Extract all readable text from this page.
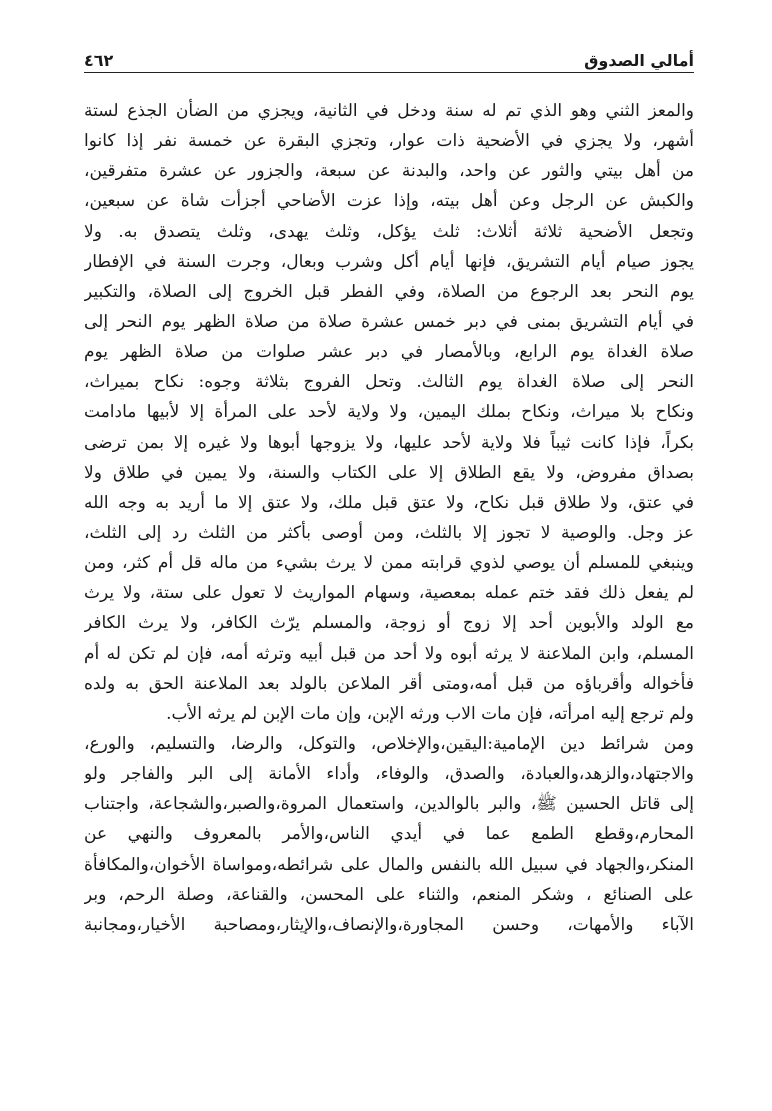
٤٦٢	أمالي الصدوق
والمعز الثني وهو الذي تم له سنة ودخل في الثانية، ويجزي من الضأن الجذع لستة
أشهر، ولا يجزي في الأضحية ذات عوار، وتجزي البقرة عن خمسة نفر إذا كانوا
من أهل بيتي والثور عن واحد، والبدنة عن سبعة، والجزور عن عشرة متفرقين،
والكبش عن الرجل وعن أهل بيته، وإذا عزت الأضاحي أجزأت شاة عن سبعين،
وتجعل الأضحية ثلاثة أثلاث: ثلث يؤكل، وثلث يهدى، وثلث يتصدق به. ولا
يجوز صيام أيام التشريق، فإنها أيام أكل وشرب وبعال، وجرت السنة في الإفطار
يوم النحر بعد الرجوع من الصلاة، وفي الفطر قبل الخروج إلى الصلاة، والتكبير
في أيام التشريق بمنى في دبر خمس عشرة صلاة من صلاة الظهر يوم النحر إلى
صلاة الغداة يوم الرابع، وبالأمصار في دبر عشر صلوات من صلاة الظهر يوم
النحر إلى صلاة الغداة يوم الثالث. وتحل الفروج بثلاثة وجوه: نكاح بميراث،
ونكاح بلا ميراث، ونكاح بملك اليمين، ولا ولاية لأحد على المرأة إلا لأبيها مادامت
بكراً، فإذا كانت ثيباً فلا ولاية لأحد عليها، ولا يزوجها أبوها ولا غيره إلا بمن ترضى
بصداق مفروض، ولا يقع الطلاق إلا على الكتاب والسنة، ولا يمين في طلاق ولا
في عتق، ولا طلاق قبل نكاح، ولا عتق قبل ملك، ولا عتق إلا ما أريد به وجه الله
عز وجل. والوصية لا تجوز إلا بالثلث، ومن أوصى بأكثر من الثلث رد إلى الثلث،
وينبغي للمسلم أن يوصي لذوي قرابته ممن لا يرث بشيء من ماله قل أم كثر، ومن
لم يفعل ذلك فقد ختم عمله بمعصية، وسهام المواريث لا تعول على ستة، ولا يرث
مع الولد والأبوين أحد إلا زوج أو زوجة، والمسلم يرّث الكافر، ولا يرث الكافر
المسلم، وابن الملاعنة لا يرثه أبوه ولا أحد من قبل أبيه وترثه أمه، فإن لم تكن له أم
فأخواله وأقرباؤه من قبل أمه،ومتى أقر الملاعن بالولد بعد الملاعنة الحق به ولده
ولم ترجع إليه امرأته، فإن مات الاب ورثه الإبن، وإن مات الإبن لم يرثه الأب.
ومن شرائط دين الإمامية:اليقين،والإخلاص، والتوكل، والرضا، والتسليم، والورع،
والاجتهاد،والزهد،والعبادة، والصدق، والوفاء، وأداء الأمانة إلى البر والفاجر ولو
إلى قاتل الحسين ﷺ، والبر بالوالدين، واستعمال المروة،والصبر،والشجاعة، واجتناب
المحارم،وقطع الطمع عما في أيدي الناس،والأمر بالمعروف والنهي عن
المنكر،والجهاد في سبيل الله بالنفس والمال على شرائطه،ومواساة الأخوان،والمكافأة
على الصنائع ، وشكر المنعم، والثناء على المحسن، والقناعة، وصلة الرحم، وبر
الآباء والأمهات، وحسن المجاورة،والإنصاف،والإيثار،ومصاحبة الأخيار،ومجانبة
